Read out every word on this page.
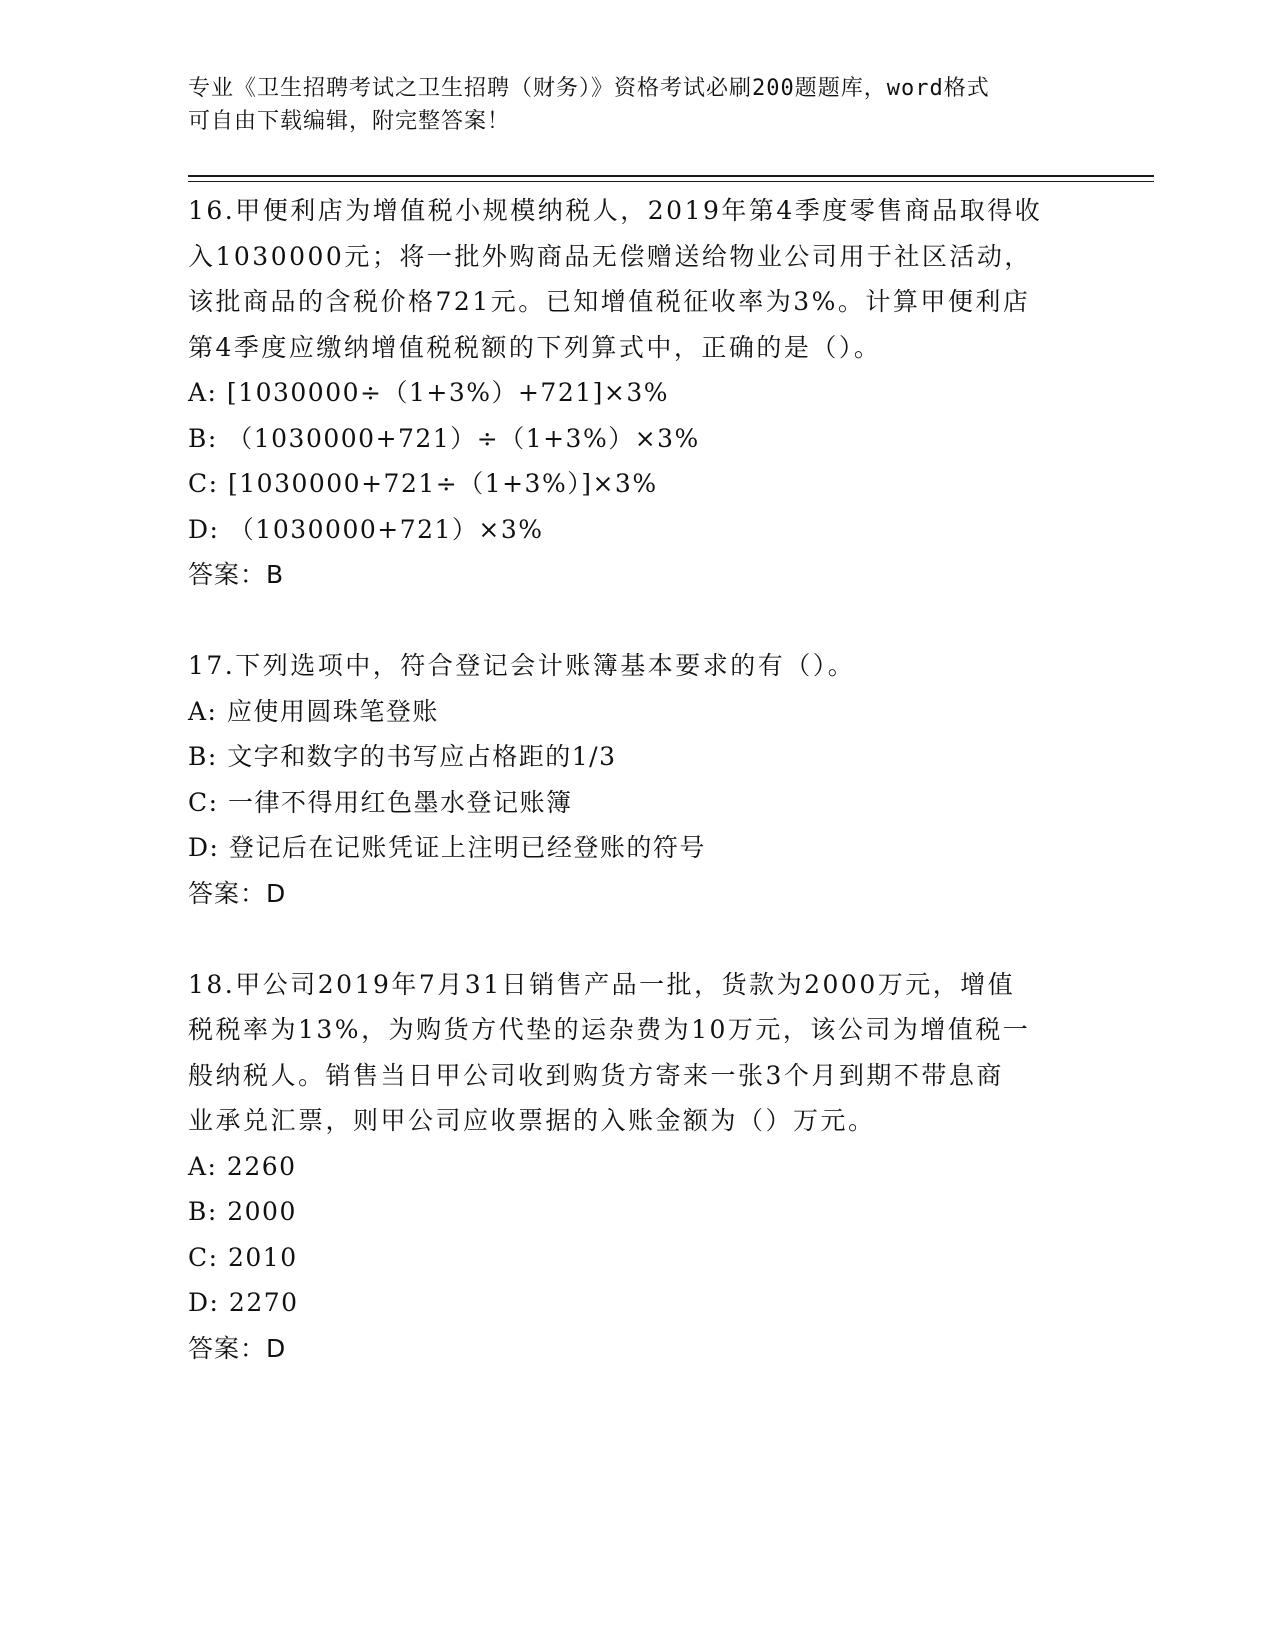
专业《卫生招聘考试之卫生招聘（财务）》资格考试必刷200题题库，word格式
可自由下载编辑，附完整答案！
16.甲便利店为增值税小规模纳税人，2019年第4季度零售商品取得收
入1030000元；将一批外购商品无偿赠送给物业公司用于社区活动，
该批商品的含税价格721元。已知增值税征收率为3%。计算甲便利店
第4季度应缴纳增值税税额的下列算式中，正确的是（）。
A: [1030000÷（1+3%）+721]×3%
B: （1030000+721）÷（1+3%）×3%
C: [1030000+721÷（1+3%）]×3%
D: （1030000+721）×3%
答案：B
17.下列选项中，符合登记会计账簿基本要求的有（）。
A: 应使用圆珠笔登账
B: 文字和数字的书写应占格距的1/3
C: 一律不得用红色墨水登记账簿
D: 登记后在记账凭证上注明已经登账的符号
答案：D
18.甲公司2019年7月31日销售产品一批，货款为2000万元，增值
税税率为13%，为购货方代垫的运杂费为10万元，该公司为增值税一
般纳税人。销售当日甲公司收到购货方寄来一张3个月到期不带息商
业承兑汇票，则甲公司应收票据的入账金额为（）万元。
A: 2260
B: 2000
C: 2010
D: 2270
答案：D
